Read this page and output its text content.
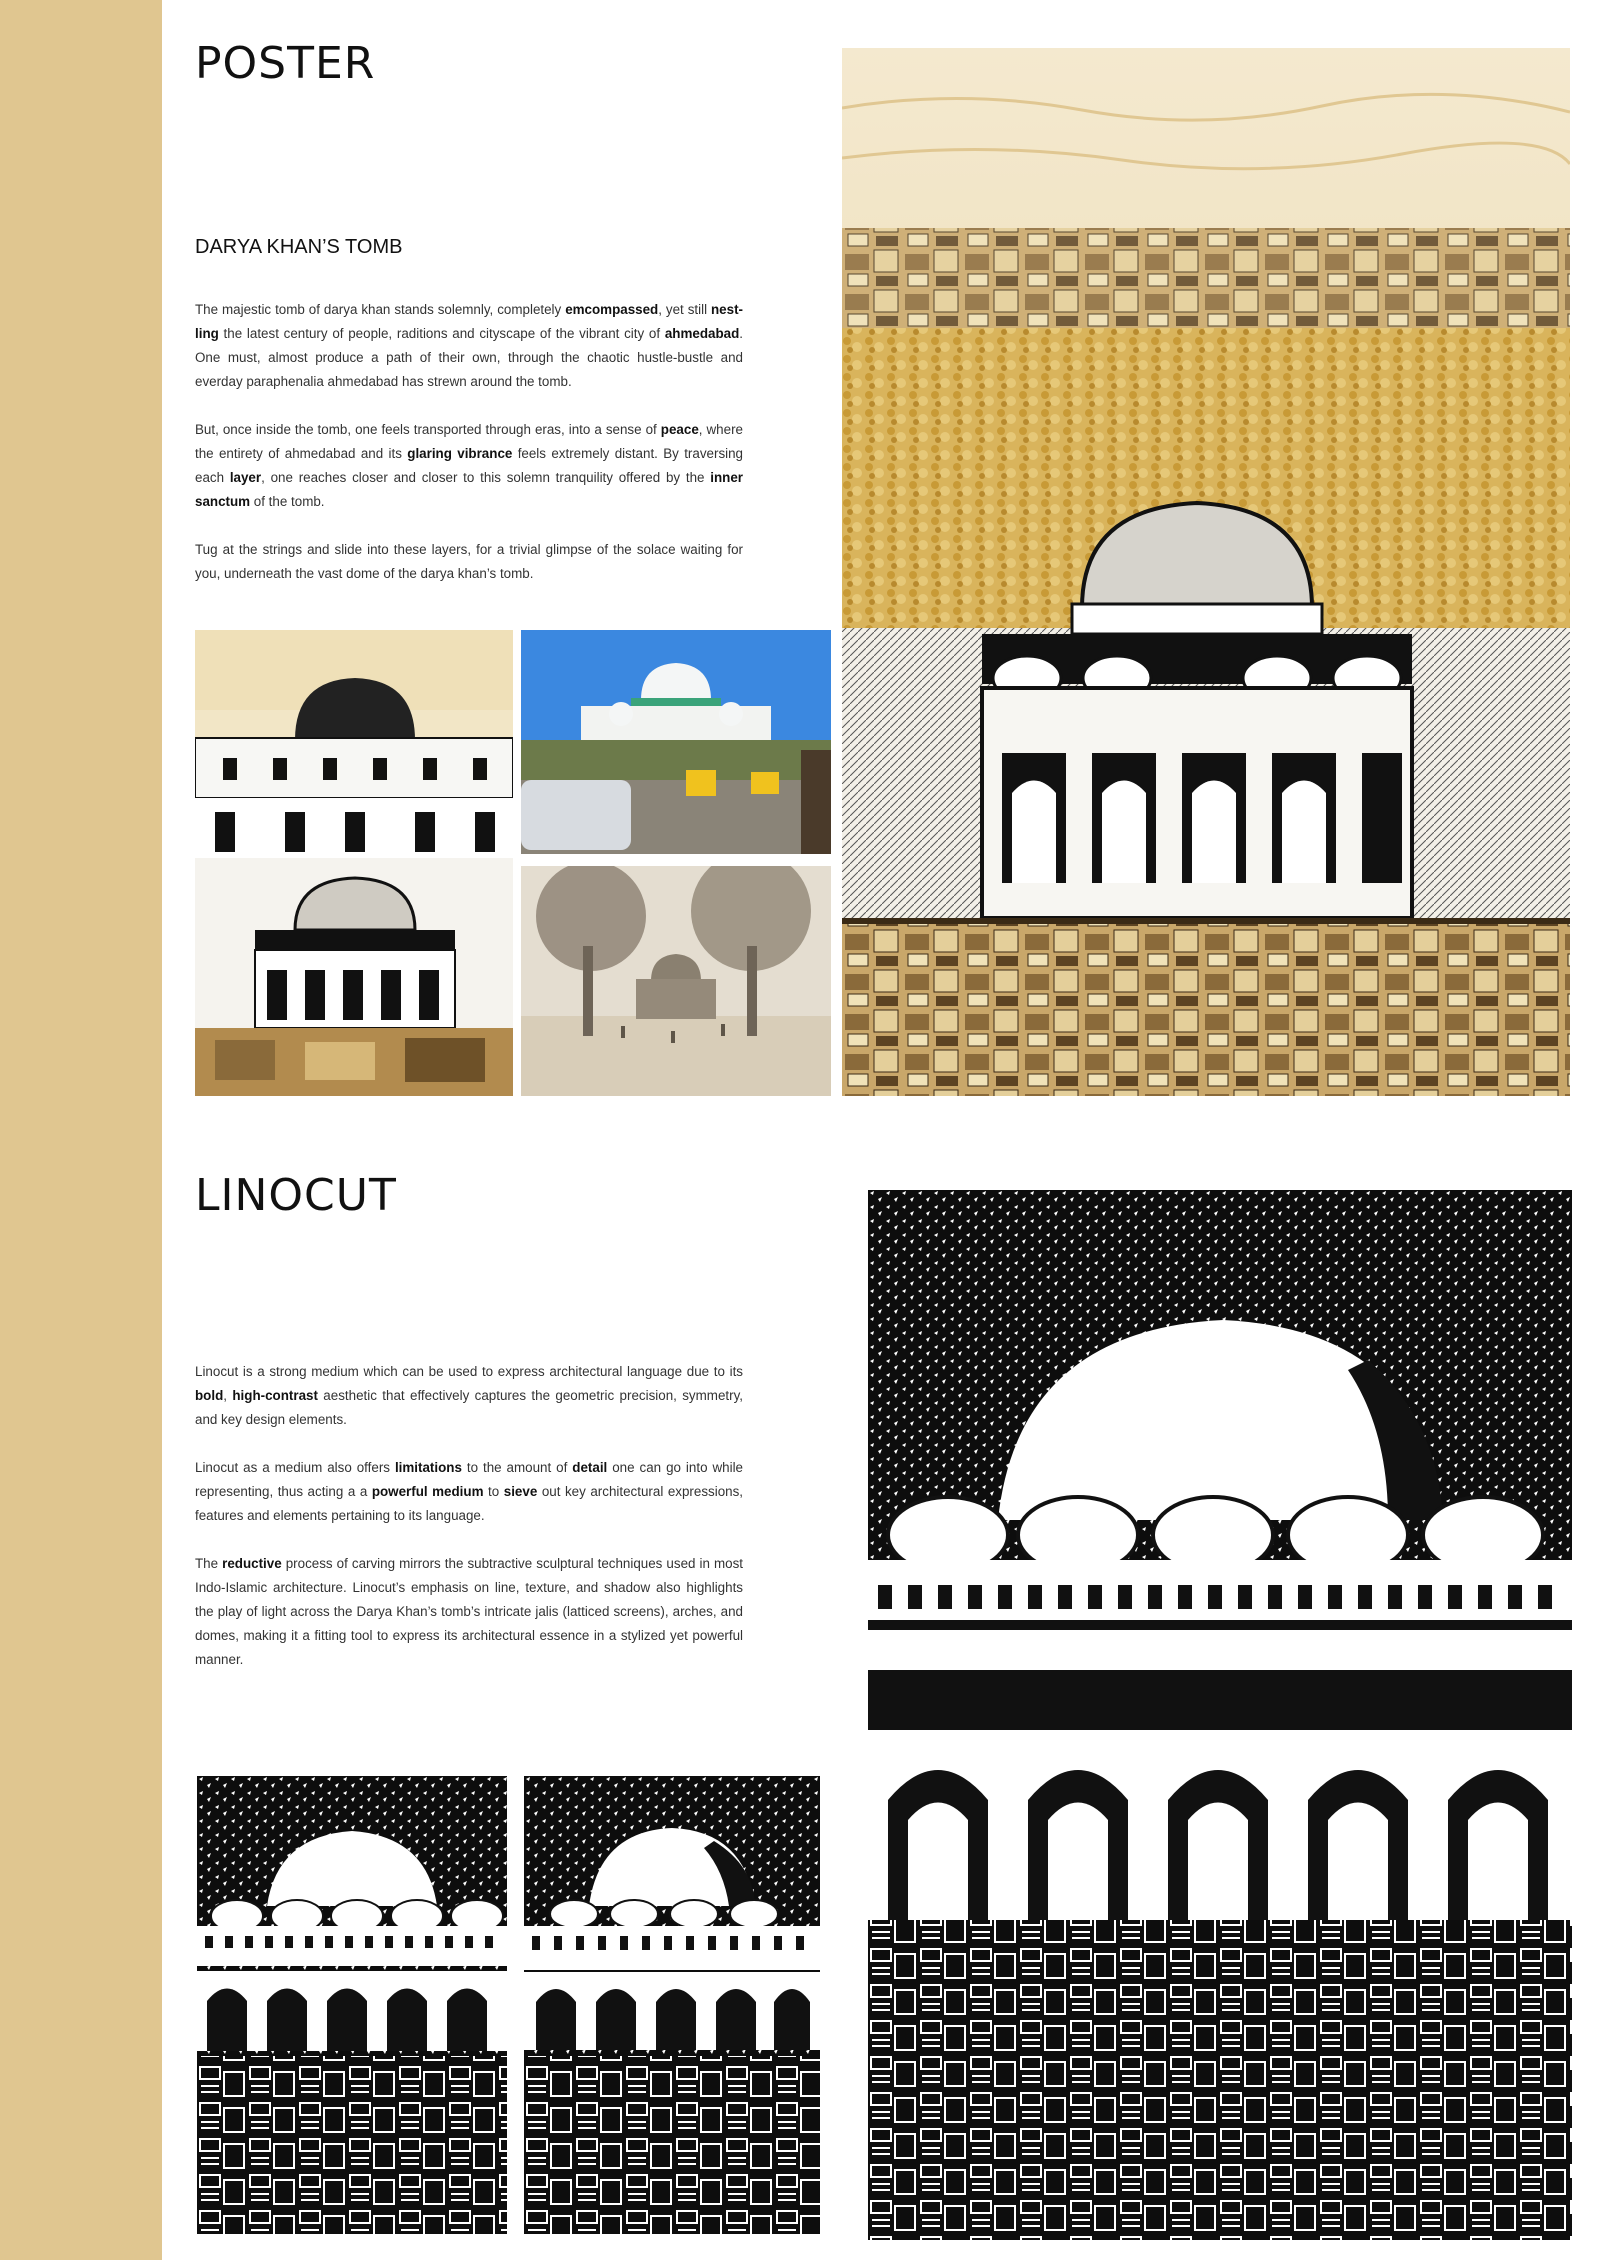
POSTER
DARYA KHAN’S TOMB

The majestic tomb of darya khan stands solemnly, completely emcompassed, yet still nest-ling the latest century of people, raditions and cityscape of the vibrant city of ahmedabad. One must, almost produce a path of their own, through the chaotic hustle-bustle and everday paraphenalia ahmedabad has strewn around the tomb.

But, once inside the tomb, one feels transported through eras, into a sense of peace, where the entirety of ahmedabad and its glaring vibrance feels extremely distant. By traversing each layer, one reaches closer and closer to this solemn tranquility offered by the inner sanctum of the tomb.

Tug at the strings and slide into these layers, for a trivial glimpse of the solace waiting for you, underneath the vast dome of the darya khan’s tomb.

LINOCUT

Linocut is a strong medium which can be used to express architectural language due to its bold, high-contrast aesthetic that effectively captures the geometric precision, symmetry, and key design elements.

Linocut as a medium also offers limitations to the amount of detail one can go into while representing, thus acting a a powerful medium to sieve out key architectural expressions, features and elements pertaining to its language.

The reductive process of carving mirrors the subtractive sculptural techniques used in most Indo-Islamic architecture. Linocut’s emphasis on line, texture, and shadow also highlights the play of light across the Darya Khan’s tomb’s intricate jalis (latticed screens), arches, and domes, making it a fitting tool to express its architectural essence in a stylized yet powerful manner.
